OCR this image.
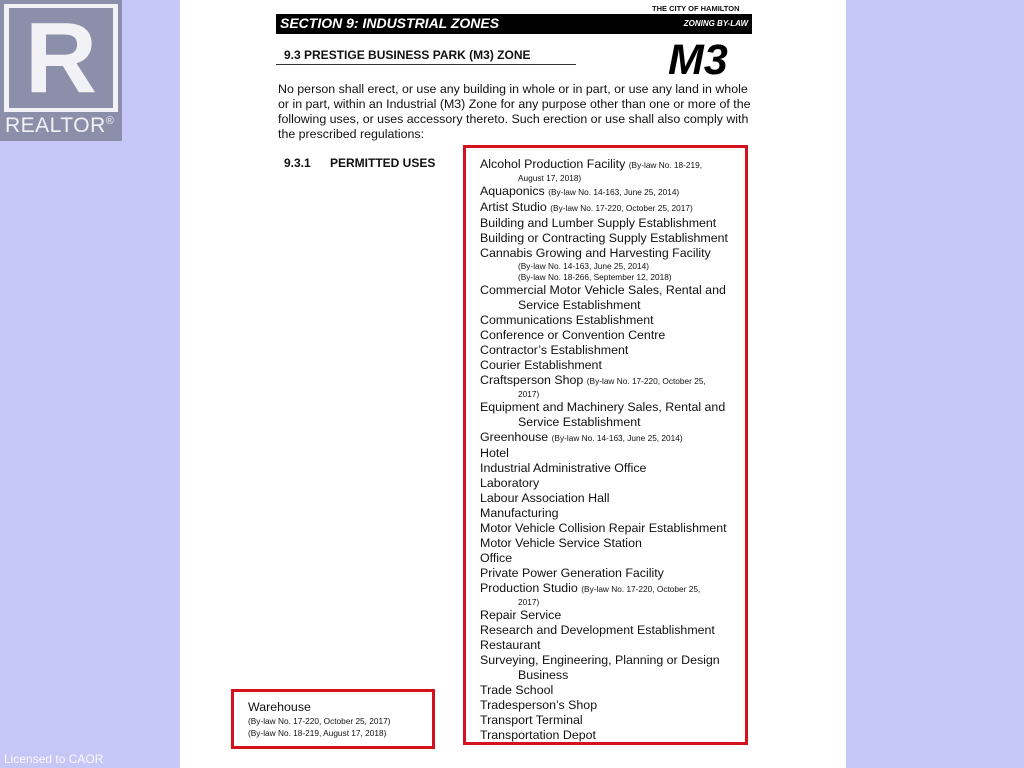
R
REALTOR®
THE CITY OF HAMILTON
SECTION 9: INDUSTRIAL ZONES	ZONING BY-LAW
9.3 PRESTIGE BUSINESS PARK (M3) ZONE	M3
No person shall erect, or use any building in whole or in part, or use any land in whole or in part, within an Industrial (M3) Zone for any purpose other than one or more of the following uses, or uses accessory thereto. Such erection or use shall also comply with the prescribed regulations:
9.3.1 PERMITTED USES	Alcohol Production Facility (By-law No. 18-219,
August 17, 2018)
Aquaponics (By-law No. 14-163, June 25, 2014)
Artist Studio (By-law No. 17-220, October 25, 2017)
Building and Lumber Supply Establishment
Building or Contracting Supply Establishment
Cannabis Growing and Harvesting Facility
(By-law No. 14-163, June 25, 2014)
(By-law No. 18-266, September 12, 2018)
Commercial Motor Vehicle Sales, Rental and
Service Establishment
Communications Establishment
Conference or Convention Centre
Contractor’s Establishment
Courier Establishment
Craftsperson Shop (By-law No. 17-220, October 25,
2017)
Equipment and Machinery Sales, Rental and
Service Establishment
Greenhouse (By-law No. 14-163, June 25, 2014)
Hotel
Industrial Administrative Office
Laboratory
Labour Association Hall
Manufacturing
Motor Vehicle Collision Repair Establishment
Motor Vehicle Service Station
Office
Private Power Generation Facility
Production Studio (By-law No. 17-220, October 25,
2017)
Repair Service
Research and Development Establishment
Restaurant
Surveying, Engineering, Planning or Design
Business
Trade School
Tradesperson’s Shop
Transport Terminal
Transportation Depot
Warehouse
(By-law No. 17-220, October 25, 2017)
(By-law No. 18-219, August 17, 2018)
Licensed to CAOR
